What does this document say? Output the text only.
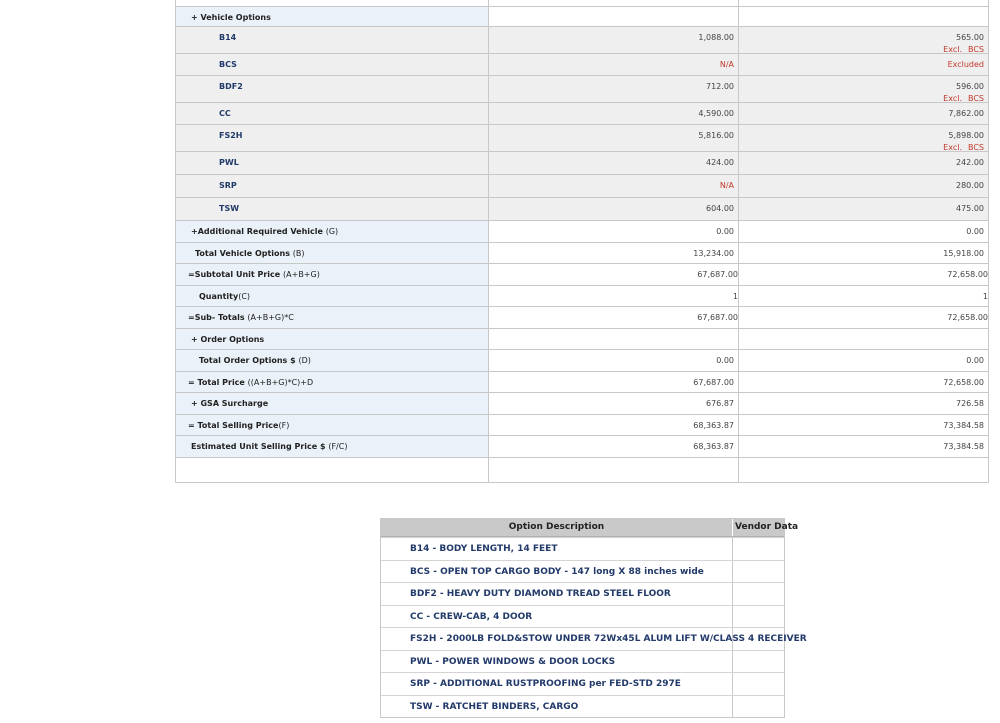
+ Vehicle Options
B14	1,088.00	565.00
Excl. BCS
BCS	N/A	Excluded
BDF2	712.00	596.00
Excl. BCS
CC	4,590.00	7,862.00
FS2H	5,816.00	5,898.00
Excl. BCS
PWL	424.00	242.00
SRP	N/A	280.00
TSW	604.00	475.00
+Additional Required Vehicle (G)	0.00	0.00
Total Vehicle Options (B)	13,234.00	15,918.00
=Subtotal Unit Price (A+B+G)	67,687.00	72,658.00
Quantity(C)	1	1
=Sub- Totals (A+B+G)*C	67,687.00	72,658.00
+ Order Options
Total Order Options $ (D)	0.00	0.00
= Total Price ((A+B+G)*C)+D	67,687.00	72,658.00
+ GSA Surcharge	676.87	726.58
= Total Selling Price(F)	68,363.87	73,384.58
Estimated Unit Selling Price $ (F/C)	68,363.87	73,384.58
Option Description	Vendor Data
B14 - BODY LENGTH, 14 FEET
BCS - OPEN TOP CARGO BODY - 147 long X 88 inches wide
BDF2 - HEAVY DUTY DIAMOND TREAD STEEL FLOOR
CC - CREW-CAB, 4 DOOR
FS2H - 2000LB FOLD&STOW UNDER 72Wx45L ALUM LIFT W/CLASS 4 RECEIVER
PWL - POWER WINDOWS & DOOR LOCKS
SRP - ADDITIONAL RUSTPROOFING per FED-STD 297E
TSW - RATCHET BINDERS, CARGO
